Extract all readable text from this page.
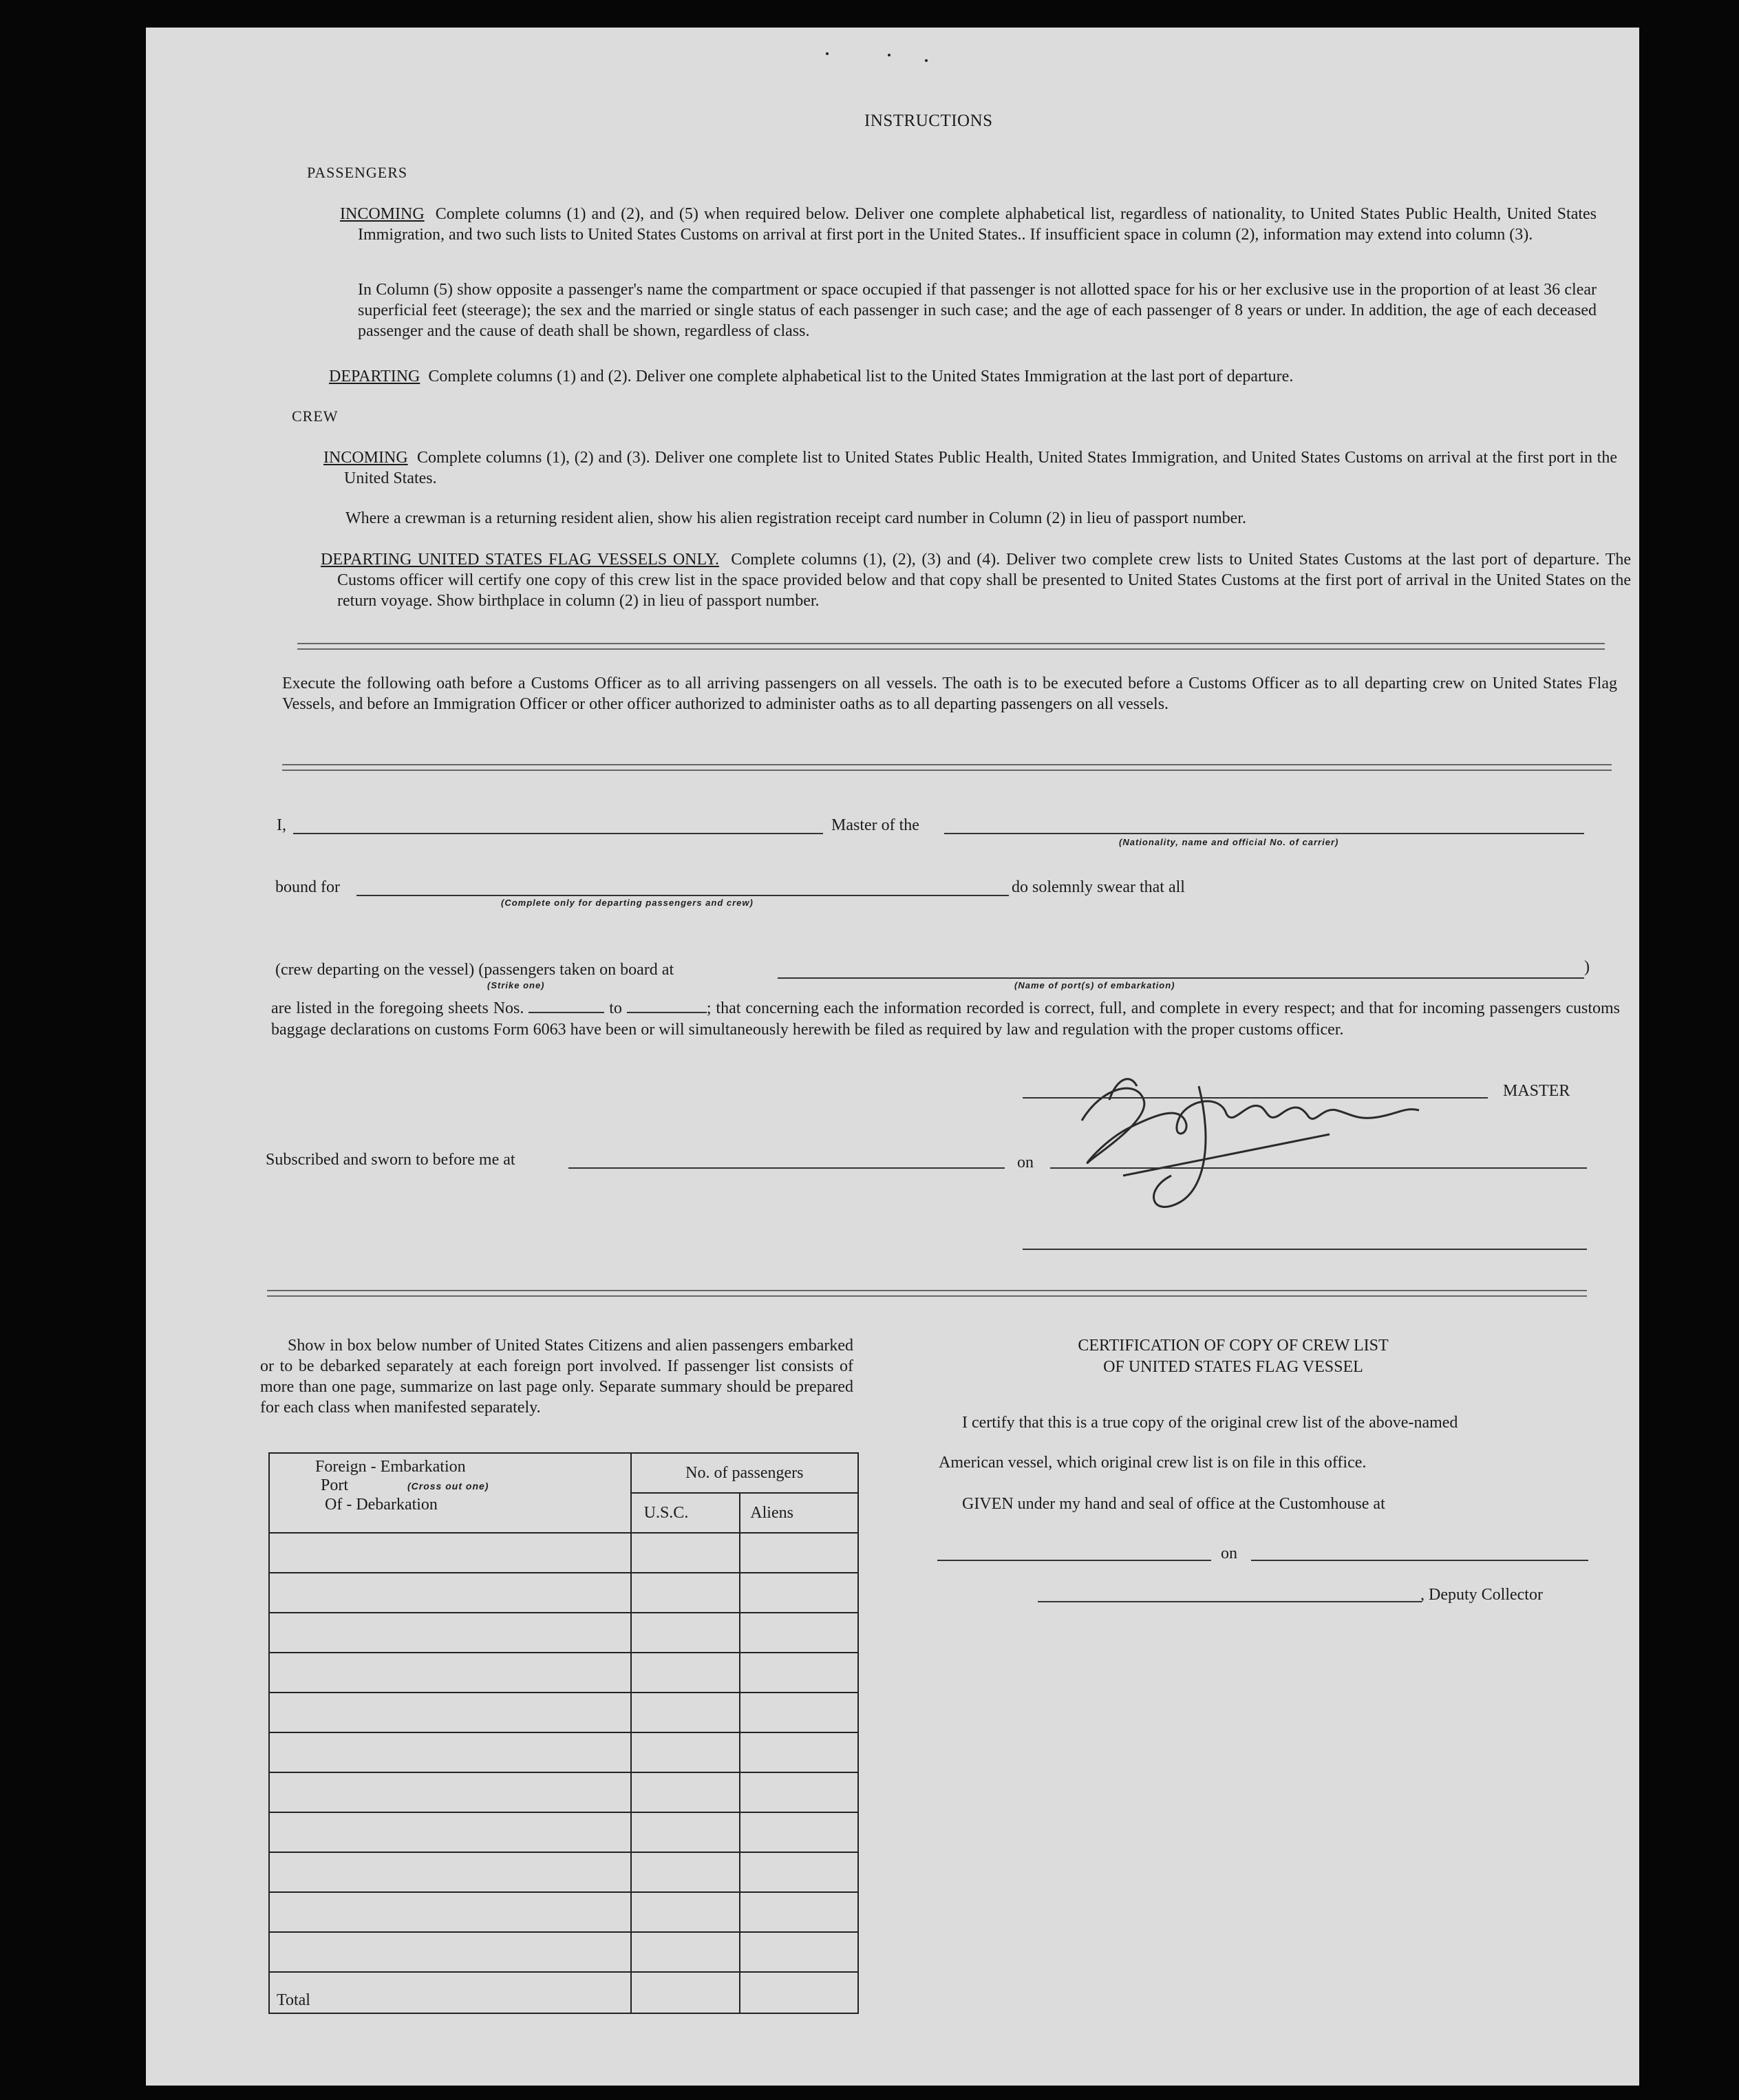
INSTRUCTIONS
PASSENGERS
INCOMING Complete columns (1) and (2), and (5) when required below. Deliver one complete alphabetical list, regardless of nationality, to United States Public Health, United States Immigration, and two such lists to United States Customs on arrival at first port in the United States.. If insufficient space in column (2), information may extend into column (3).
In Column (5) show opposite a passenger's name the compartment or space occupied if that passenger is not allotted space for his or her exclusive use in the proportion of at least 36 clear superficial feet (steerage); the sex and the married or single status of each passenger in such case; and the age of each passenger of 8 years or under. In addition, the age of each deceased passenger and the cause of death shall be shown, regardless of class.
DEPARTING Complete columns (1) and (2). Deliver one complete alphabetical list to the United States Immigration at the last port of departure.
CREW
INCOMING Complete columns (1), (2) and (3). Deliver one complete list to United States Public Health, United States Immigration, and United States Customs on arrival at the first port in the United States.
Where a crewman is a returning resident alien, show his alien registration receipt card number in Column (2) in lieu of passport number.
DEPARTING UNITED STATES FLAG VESSELS ONLY. Complete columns (1), (2), (3) and (4). Deliver two complete crew lists to United States Customs at the last port of departure. The Customs officer will certify one copy of this crew list in the space provided below and that copy shall be presented to United States Customs at the first port of arrival in the United States on the return voyage. Show birthplace in column (2) in lieu of passport number.
Execute the following oath before a Customs Officer as to all arriving passengers on all vessels. The oath is to be executed before a Customs Officer as to all departing crew on United States Flag Vessels, and before an Immigration Officer or other officer authorized to administer oaths as to all departing passengers on all vessels.
I,	Master of the
(Nationality, name and official No. of carrier)
bound for	do solemnly swear that all
(Complete only for departing passengers and crew)
(crew departing on the vessel) (passengers taken on board at	)
(Strike one)	(Name of port(s) of embarkation)
are listed in the foregoing sheets Nos.	to	; that concerning each the information recorded is correct, full, and complete in every respect; and that for incoming passengers customs baggage declarations on customs Form 6063 have been or will simultaneously herewith be filed as required by law and regulation with the proper customs officer.
MASTER
Subscribed and sworn to before me at	on
Show in box below number of United States Citizens and alien passengers embarked or to be debarked separately at each foreign port involved. If passenger list consists of more than one page, summarize on last page only. Separate summary should be prepared for each class when manifested separately.
Foreign - Embarkation
Port (Cross out one)
Of - Debarkation	No. of passengers	
	U.S.C.	Aliens

Total		
CERTIFICATION OF COPY OF CREW LIST
OF UNITED STATES FLAG VESSEL
I certify that this is a true copy of the original crew list of the above-named
American vessel, which original crew list is on file in this office.
GIVEN under my hand and seal of office at the Customhouse at
on
, Deputy Collector
